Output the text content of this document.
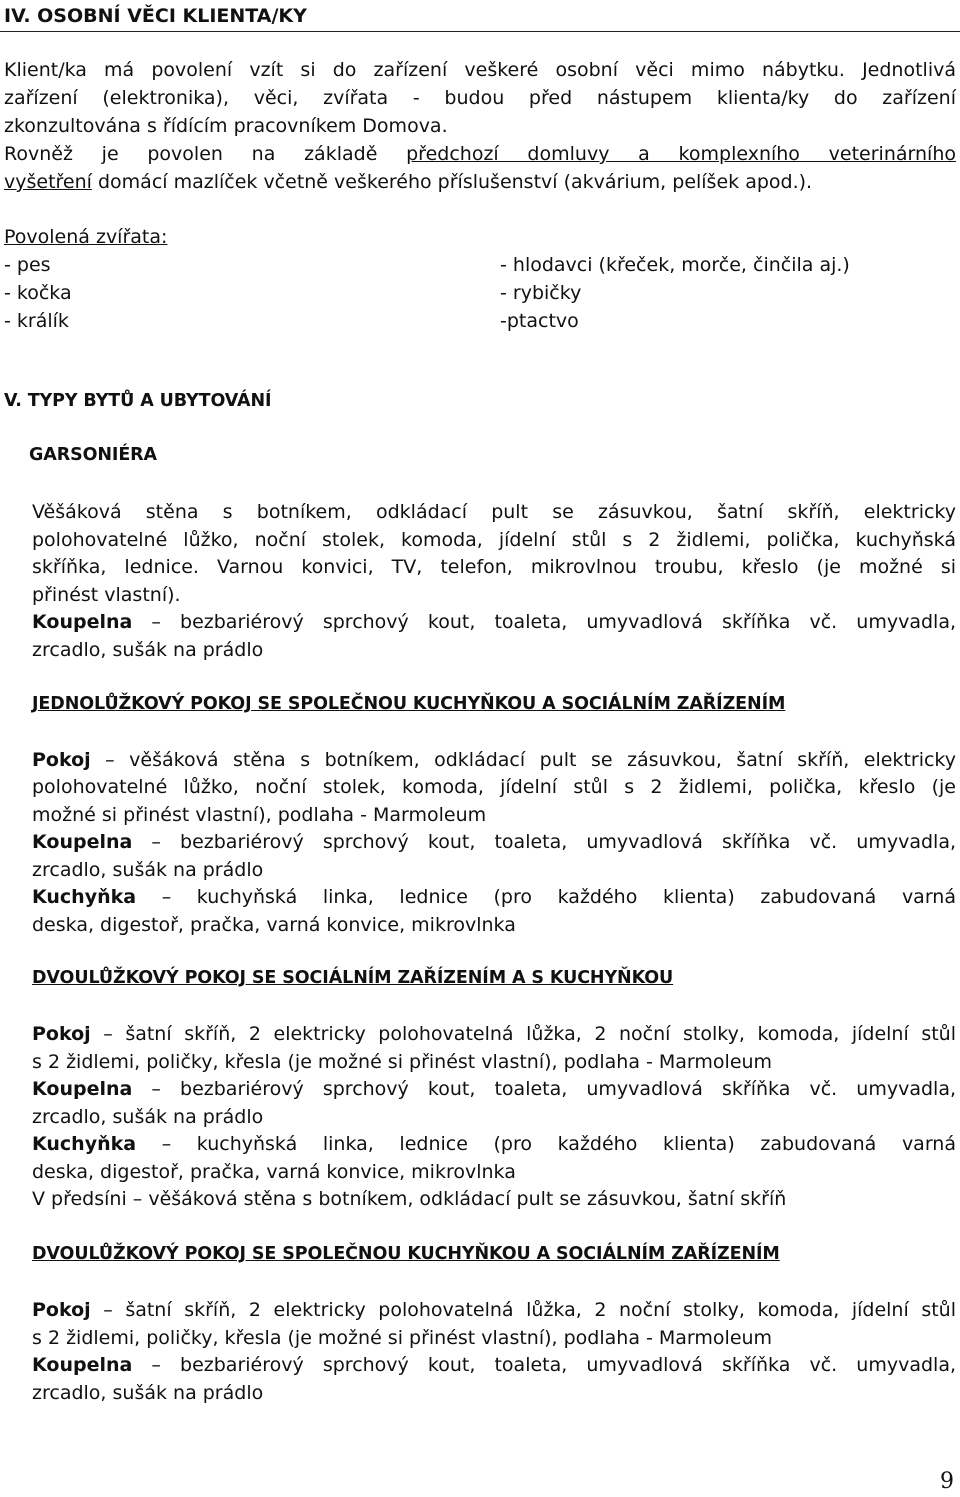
IV. OSOBNÍ VĚCI KLIENTA/KY
Klient/ka má povolení vzít si do zařízení veškeré osobní věci mimo nábytku. Jednotlivá
zařízení (elektronika), věci, zvířata - budou před nástupem klienta/ky do zařízení
zkonzultována s řídícím pracovníkem Domova.
Rovněž je povolen na základě předchozí domluvy a komplexního veterinárního
vyšetření domácí mazlíček včetně veškerého příslušenství (akvárium, pelíšek apod.).
Povolená zvířata:
- pes
- kočka
- králík
- hlodavci (křeček, morče, činčila aj.)
- rybičky
-ptactvo
V. TYPY BYTŮ A UBYTOVÁNÍ
GARSONIÉRA
Věšáková stěna s botníkem, odkládací pult se zásuvkou, šatní skříň, elektricky
polohovatelné lůžko, noční stolek, komoda, jídelní stůl s 2 židlemi, polička, kuchyňská
skříňka, lednice. Varnou konvici, TV, telefon, mikrovlnou troubu, křeslo (je možné si
přinést vlastní).
Koupelna – bezbariérový sprchový kout, toaleta, umyvadlová skříňka vč. umyvadla,
zrcadlo, sušák na prádlo
JEDNOLŮŽKOVÝ POKOJ SE SPOLEČNOU KUCHYŇKOU A SOCIÁLNÍM ZAŘÍZENÍM
Pokoj – věšáková stěna s botníkem, odkládací pult se zásuvkou, šatní skříň, elektricky
polohovatelné lůžko, noční stolek, komoda, jídelní stůl s 2 židlemi, polička, křeslo (je
možné si přinést vlastní), podlaha - Marmoleum
Koupelna – bezbariérový sprchový kout, toaleta, umyvadlová skříňka vč. umyvadla,
zrcadlo, sušák na prádlo
Kuchyňka – kuchyňská linka, lednice (pro každého klienta) zabudovaná varná
deska, digestoř, pračka, varná konvice, mikrovlnka
DVOULŮŽKOVÝ POKOJ SE SOCIÁLNÍM ZAŘÍZENÍM A S KUCHYŇKOU
Pokoj – šatní skříň, 2 elektricky polohovatelná lůžka, 2 noční stolky, komoda, jídelní stůl
s 2 židlemi, poličky, křesla (je možné si přinést vlastní), podlaha - Marmoleum
Koupelna – bezbariérový sprchový kout, toaleta, umyvadlová skříňka vč. umyvadla,
zrcadlo, sušák na prádlo
Kuchyňka – kuchyňská linka, lednice (pro každého klienta) zabudovaná varná
deska, digestoř, pračka, varná konvice, mikrovlnka
V předsíni – věšáková stěna s botníkem, odkládací pult se zásuvkou, šatní skříň
DVOULŮŽKOVÝ POKOJ SE SPOLEČNOU KUCHYŇKOU A SOCIÁLNÍM ZAŘÍZENÍM
Pokoj – šatní skříň, 2 elektricky polohovatelná lůžka, 2 noční stolky, komoda, jídelní stůl
s 2 židlemi, poličky, křesla (je možné si přinést vlastní), podlaha - Marmoleum
Koupelna – bezbariérový sprchový kout, toaleta, umyvadlová skříňka vč. umyvadla,
zrcadlo, sušák na prádlo
9
